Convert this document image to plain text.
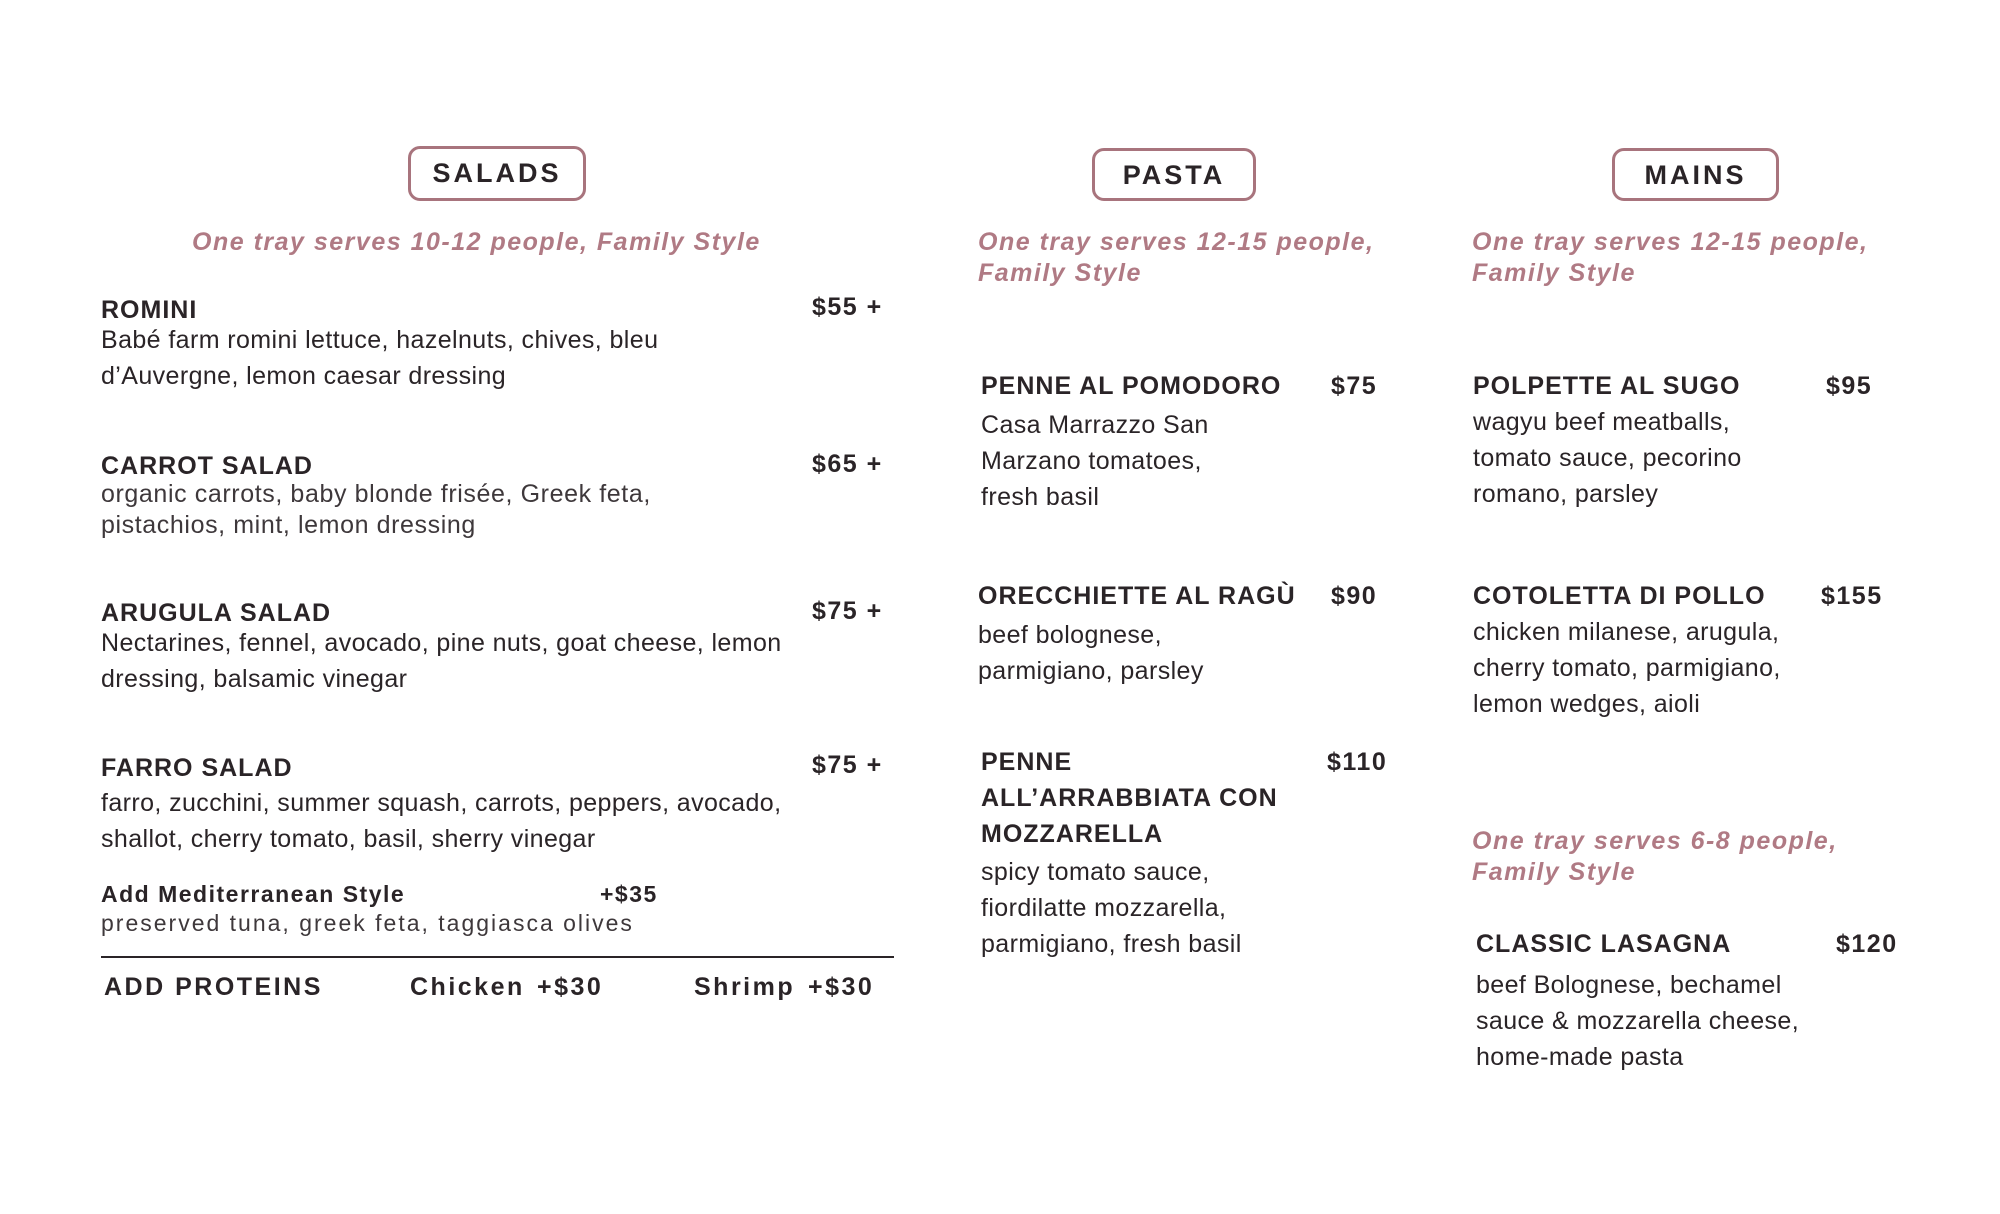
SALADS
One tray serves 10-12 people, Family Style
ROMINI	$55 +
Babé farm romini lettuce, hazelnuts, chives, bleu d’Auvergne, lemon caesar dressing
CARROT SALAD	$65 +
organic carrots, baby blonde frisée, Greek feta, pistachios, mint, lemon dressing
ARUGULA SALAD	$75 +
Nectarines, fennel, avocado, pine nuts, goat cheese, lemon dressing, balsamic vinegar
FARRO SALAD	$75 +
farro, zucchini, summer squash, carrots, peppers, avocado, shallot, cherry tomato, basil, sherry vinegar
Add Mediterranean Style	+$35
preserved tuna, greek feta, taggiasca olives
ADD PROTEINS	Chicken +$30	Shrimp +$30
PASTA
One tray serves 12-15 people, Family Style
PENNE AL POMODORO $75
Casa Marrazzo San Marzano tomatoes, fresh basil
ORECCHIETTE AL RAGÙ $90
beef bolognese, parmigiano, parsley
PENNE ALL’ARRABBIATA CON MOZZARELLA
$110
spicy tomato sauce, fiordilatte mozzarella, parmigiano, fresh basil
MAINS
One tray serves 12-15 people, Family Style
POLPETTE AL SUGO	$95
wagyu beef meatballs, tomato sauce, pecorino romano, parsley
COTOLETTA DI POLLO $155
chicken milanese, arugula, cherry tomato, parmigiano, lemon wedges, aioli
One tray serves 6-8 people, Family Style
CLASSIC LASAGNA	$120
beef Bolognese, bechamel sauce & mozzarella cheese, home-made pasta
